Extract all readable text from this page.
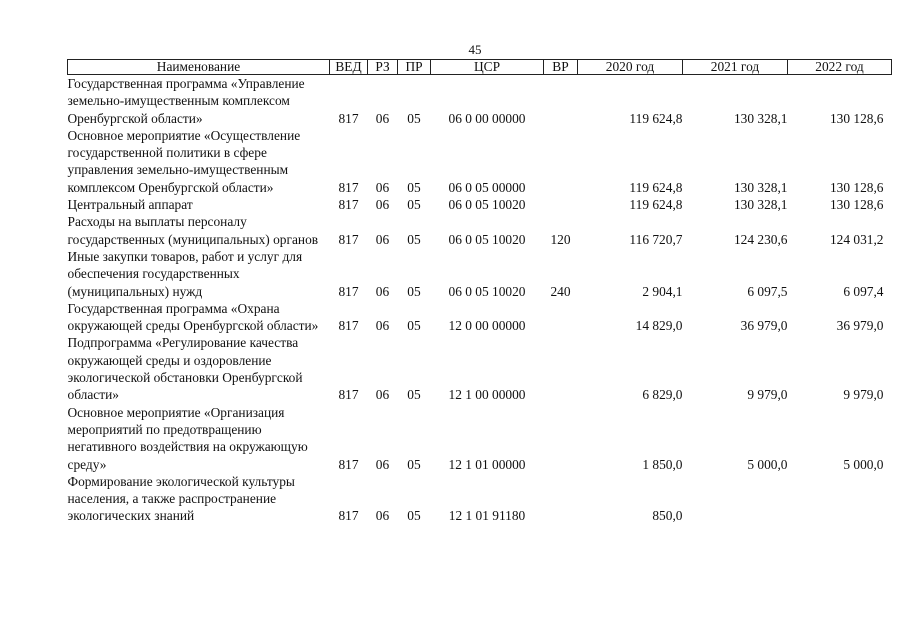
45
Наименование	ВЕД	РЗ	ПР	ЦСР	ВР	2020 год	2021 год	2022 год
Государственная программа «Управление земельно-имущественным комплексом Оренбургской области»	817	06	05	06 0 00 00000		119 624,8	130 328,1	130 128,6
Основное мероприятие «Осуществление государственной политики в сфере управления земельно-имущественным комплексом Оренбургской области»	817	06	05	06 0 05 00000		119 624,8	130 328,1	130 128,6
Центральный аппарат	817	06	05	06 0 05 10020		119 624,8	130 328,1	130 128,6
Расходы на выплаты персоналу государственных (муниципальных) органов	817	06	05	06 0 05 10020	120	116 720,7	124 230,6	124 031,2
Иные закупки товаров, работ и услуг для обеспечения государственных (муниципальных) нужд	817	06	05	06 0 05 10020	240	2 904,1	6 097,5	6 097,4
Государственная программа «Охрана окружающей среды Оренбургской области»	817	06	05	12 0 00 00000		14 829,0	36 979,0	36 979,0
Подпрограмма «Регулирование качества окружающей среды и оздоровление экологической обстановки Оренбургской области»	817	06	05	12 1 00 00000		6 829,0	9 979,0	9 979,0
Основное мероприятие «Организация мероприятий по предотвращению негативного воздействия на окружающую среду»	817	06	05	12 1 01 00000		1 850,0	5 000,0	5 000,0
Формирование экологической культуры населения, а также распространение экологических знаний	817	06	05	12 1 01 91180		850,0		
